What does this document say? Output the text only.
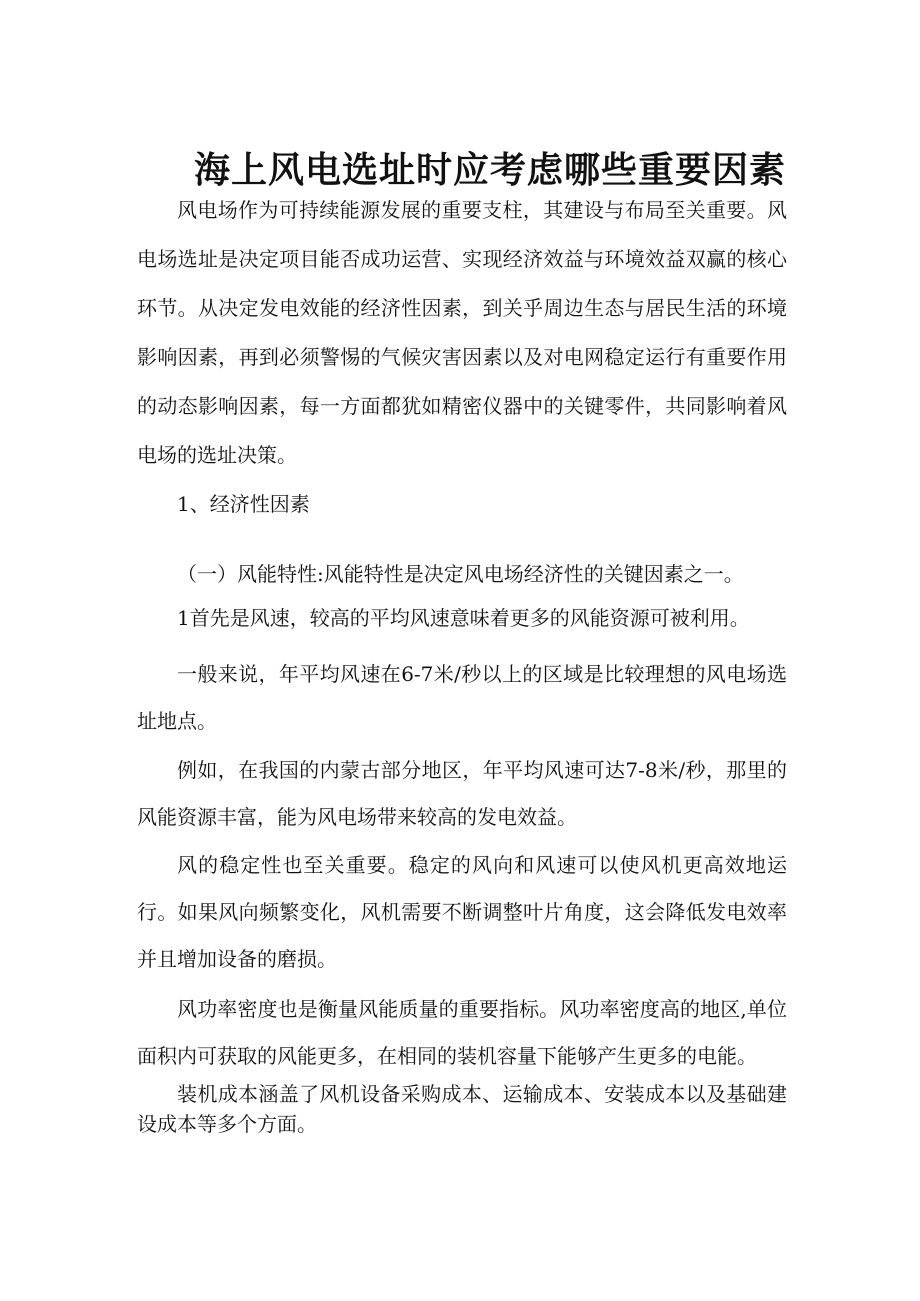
海上风电选址时应考虑哪些重要因素

风电场作为可持续能源发展的重要支柱，其建设与布局至关重要。风电场选址是决定项目能否成功运营、实现经济效益与环境效益双赢的核心环节。从决定发电效能的经济性因素，到关乎周边生态与居民生活的环境影响因素，再到必须警惕的气候灾害因素以及对电网稳定运行有重要作用的动态影响因素，每一方面都犹如精密仪器中的关键零件，共同影响着风电场的选址决策。

1、经济性因素
（一）风能特性:风能特性是决定风电场经济性的关键因素之一。

1首先是风速，较高的平均风速意味着更多的风能资源可被利用。

一般来说，年平均风速在6-7米/秒以上的区域是比较理想的风电场选址地点。

例如，在我国的内蒙古部分地区，年平均风速可达7-8米/秒，那里的风能资源丰富，能为风电场带来较高的发电效益。

风的稳定性也至关重要。稳定的风向和风速可以使风机更高效地运行。如果风向频繁变化，风机需要不断调整叶片角度，这会降低发电效率并且增加设备的磨损。

风功率密度也是衡量风能质量的重要指标。风功率密度高的地区,单位面积内可获取的风能更多，在相同的装机容量下能够产生更多的电能。

装机成本涵盖了风机设备采购成本、运输成本、安装成本以及基础建设成本等多个方面。
